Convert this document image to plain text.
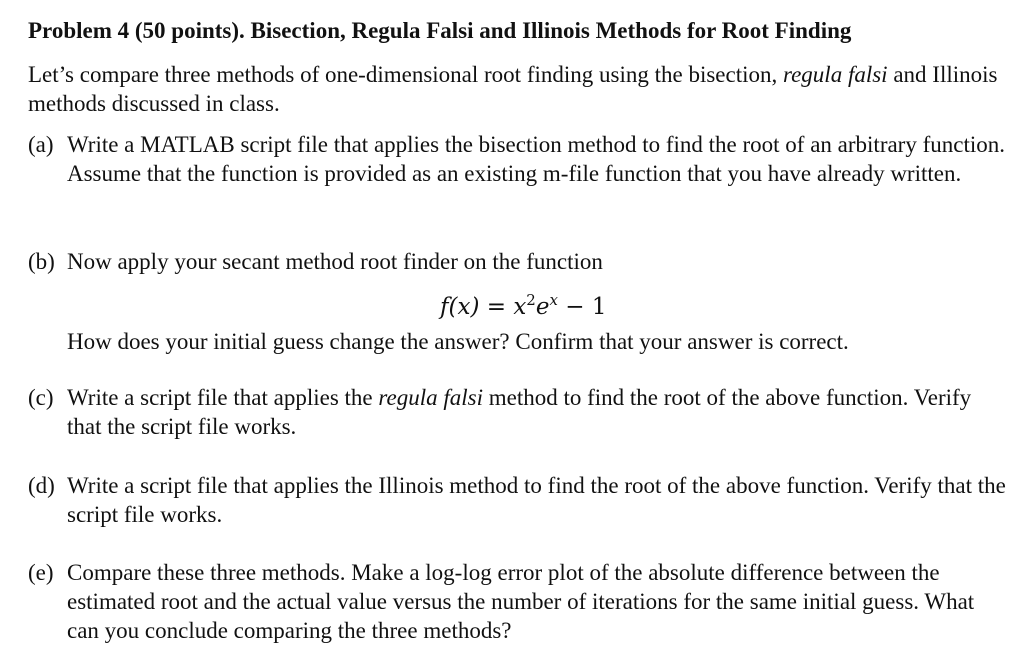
Problem 4 (50 points). Bisection, Regula Falsi and Illinois Methods for Root Finding
Let’s compare three methods of one-dimensional root finding using the bisection, regula falsi and Illinois methods discussed in class.
(a) Write a MATLAB script file that applies the bisection method to find the root of an arbitrary function. Assume that the function is provided as an existing m-file function that you have already written.
(b) Now apply your secant method root finder on the function
$f(x) = x^2e^x - 1$
How does your initial guess change the answer? Confirm that your answer is correct.
(c) Write a script file that applies the regula falsi method to find the root of the above function. Verify that the script file works.
(d) Write a script file that applies the Illinois method to find the root of the above function. Verify that the script file works.
(e) Compare these three methods. Make a log-log error plot of the absolute difference between the estimated root and the actual value versus the number of iterations for the same initial guess. What can you conclude comparing the three methods?
